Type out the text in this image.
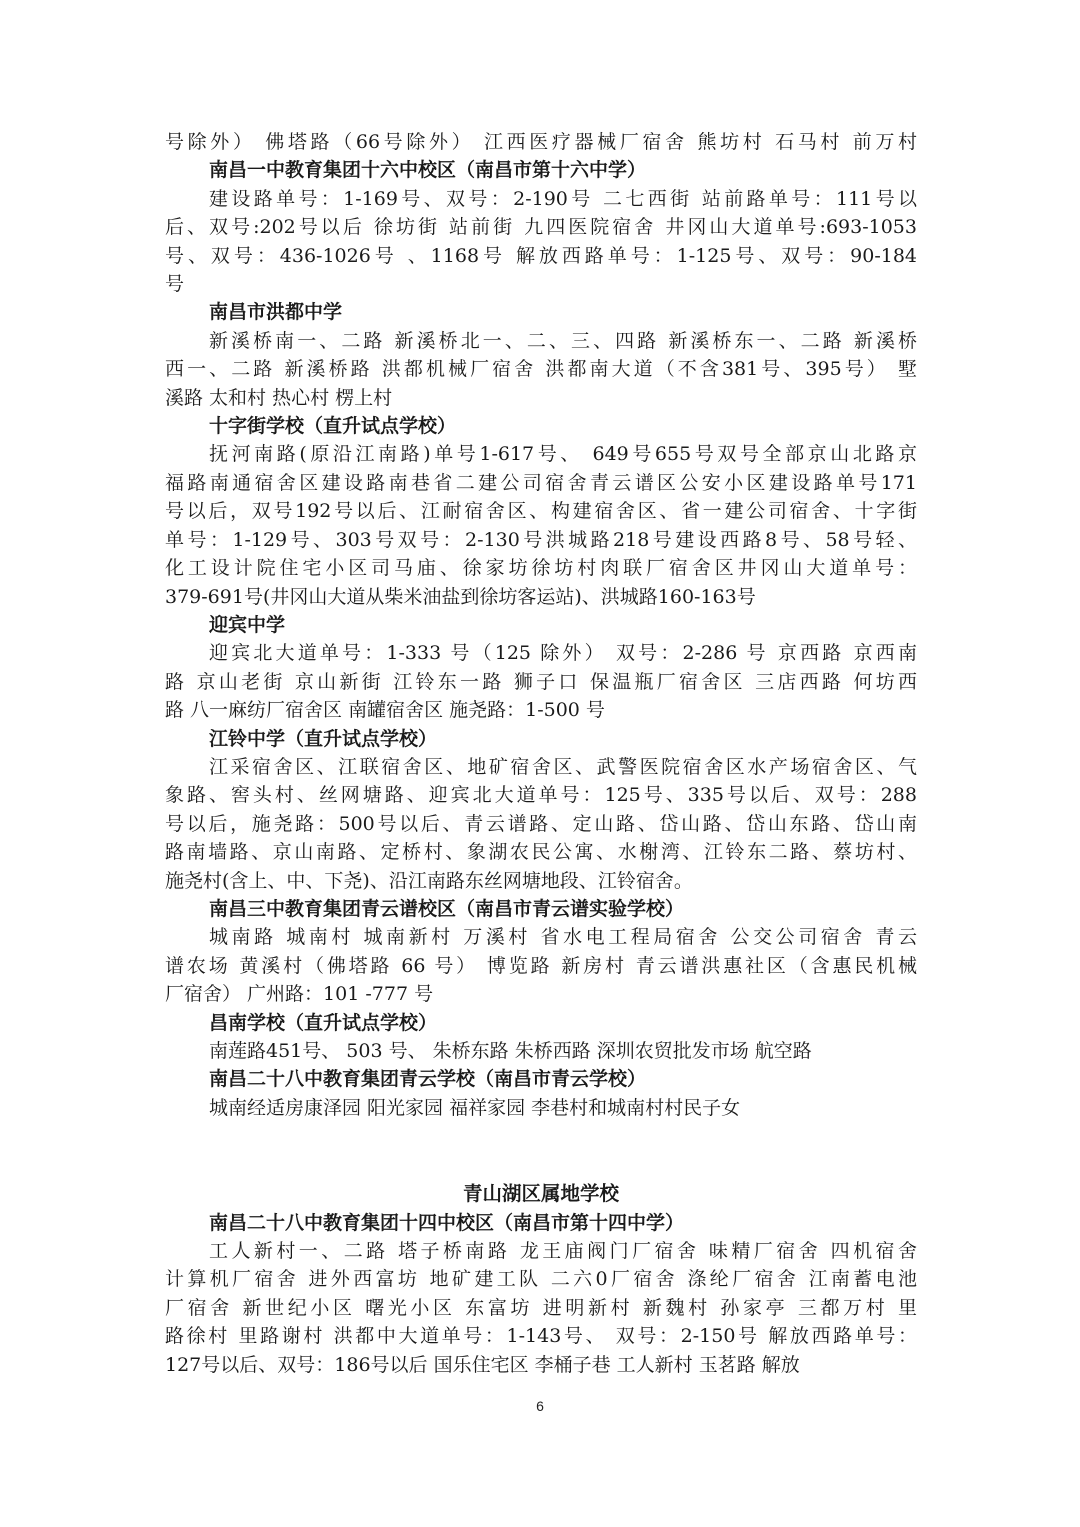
号除外） 佛塔路（66号除外） 江西医疗器械厂宿舍 熊坊村 石马村 前万村
南昌一中教育集团十六中校区（南昌市第十六中学）
建设路单号：1-169号、双号：2-190号 二七西街 站前路单号：111号以
后、双号:202号以后 徐坊街 站前街 九四医院宿舍 井冈山大道单号:693-1053
号、双号：436-1026号 、1168号 解放西路单号：1-125号、双号：90-184
号
南昌市洪都中学
新溪桥南一、二路 新溪桥北一、二、三、四路 新溪桥东一、二路 新溪桥
西一、二路 新溪桥路 洪都机械厂宿舍 洪都南大道（不含381号、395号） 墅
溪路 太和村 热心村 楞上村
十字街学校（直升试点学校）
抚河南路(原沿江南路)单号1-617号、 649号655号双号全部京山北路京
福路南通宿舍区建设路南巷省二建公司宿舍青云谱区公安小区建设路单号171
号以后，双号192号以后、江耐宿舍区、构建宿舍区、省一建公司宿舍、十字街
单号：1-129号、303号双号：2-130号洪城路218号建设西路8号、58号轻、
化工设计院住宅小区司马庙、徐家坊徐坊村肉联厂宿舍区井冈山大道单号：
379-691号(井冈山大道从柴米油盐到徐坊客运站)、洪城路160-163号
迎宾中学
迎宾北大道单号：1-333 号（125 除外） 双号：2-286 号 京西路 京西南
路 京山老街 京山新街 江铃东一路 狮子口 保温瓶厂宿舍区 三店西路 何坊西
路 八一麻纺厂宿舍区 南罐宿舍区 施尧路：1-500 号
江铃中学（直升试点学校）
江采宿舍区、江联宿舍区、地矿宿舍区、武警医院宿舍区水产场宿舍区、气
象路、窖头村、丝网塘路、迎宾北大道单号：125号、335号以后、双号：288
号以后，施尧路：500号以后、青云谱路、定山路、岱山路、岱山东路、岱山南
路南墙路、京山南路、定桥村、象湖农民公寓、水榭湾、江铃东二路、蔡坊村、
施尧村(含上、中、下尧)、沿江南路东丝网塘地段、江铃宿舍。
南昌三中教育集团青云谱校区（南昌市青云谱实验学校）
城南路 城南村 城南新村 万溪村 省水电工程局宿舍 公交公司宿舍 青云
谱农场 黄溪村（佛塔路 66 号） 博览路 新房村 青云谱洪惠社区（含惠民机械
厂宿舍） 广州路：101 -777 号
昌南学校（直升试点学校）
南莲路451号、 503 号、 朱桥东路 朱桥西路 深圳农贸批发市场 航空路
南昌二十八中教育集团青云学校（南昌市青云学校）
城南经适房康泽园 阳光家园 福祥家园 李巷村和城南村村民子女
青山湖区属地学校
南昌二十八中教育集团十四中校区（南昌市第十四中学）
工人新村一、二路 塔子桥南路 龙王庙阀门厂宿舍 味精厂宿舍 四机宿舍
计算机厂宿舍 进外西富坊 地矿建工队 二六0厂宿舍 涤纶厂宿舍 江南蓄电池
厂宿舍 新世纪小区 曙光小区 东富坊 进明新村 新魏村 孙家亭 三都万村 里
路徐村 里路谢村 洪都中大道单号：1-143号、 双号：2-150号 解放西路单号：
127号以后、双号：186号以后 国乐住宅区 李桶子巷 工人新村 玉茗路 解放
6
